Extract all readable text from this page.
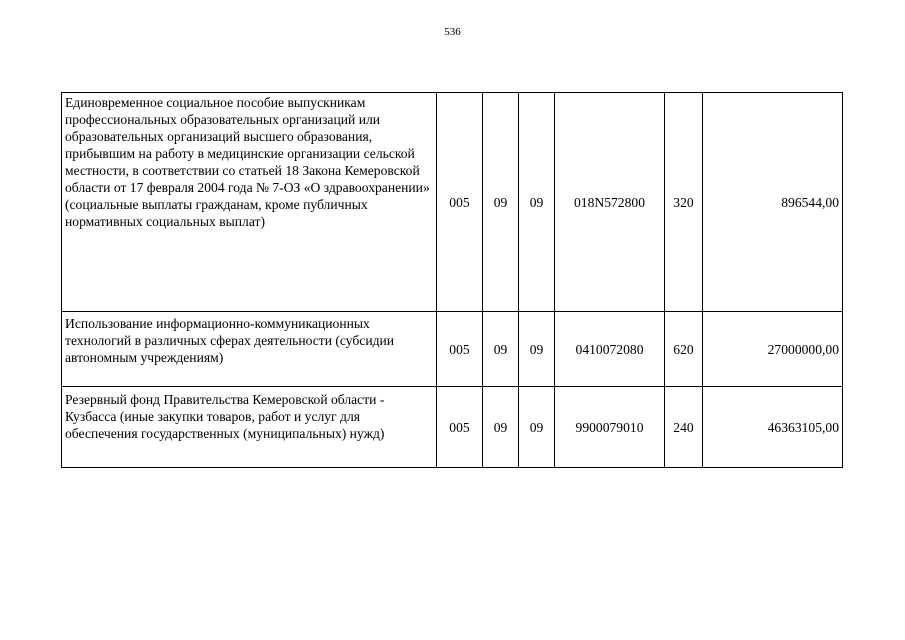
536
Единовременное социальное пособие выпускникам профессиональных образовательных организаций или образовательных организаций высшего образования, прибывшим на работу в медицинские организации сельской местности, в соответствии со статьей 18 Закона Кемеровской области от 17 февраля 2004 года № 7-ОЗ «О здравоохранении» (социальные выплаты гражданам, кроме публичных нормативных социальных выплат)	005	09	09	018N572800	320	896544,00
Использование информационно-коммуникационных технологий в различных сферах деятельности (субсидии автономным учреждениям)	005	09	09	0410072080	620	27000000,00
Резервный фонд Правительства Кемеровской области - Кузбасса (иные закупки товаров, работ и услуг для обеспечения государственных (муниципальных) нужд)	005	09	09	9900079010	240	46363105,00
